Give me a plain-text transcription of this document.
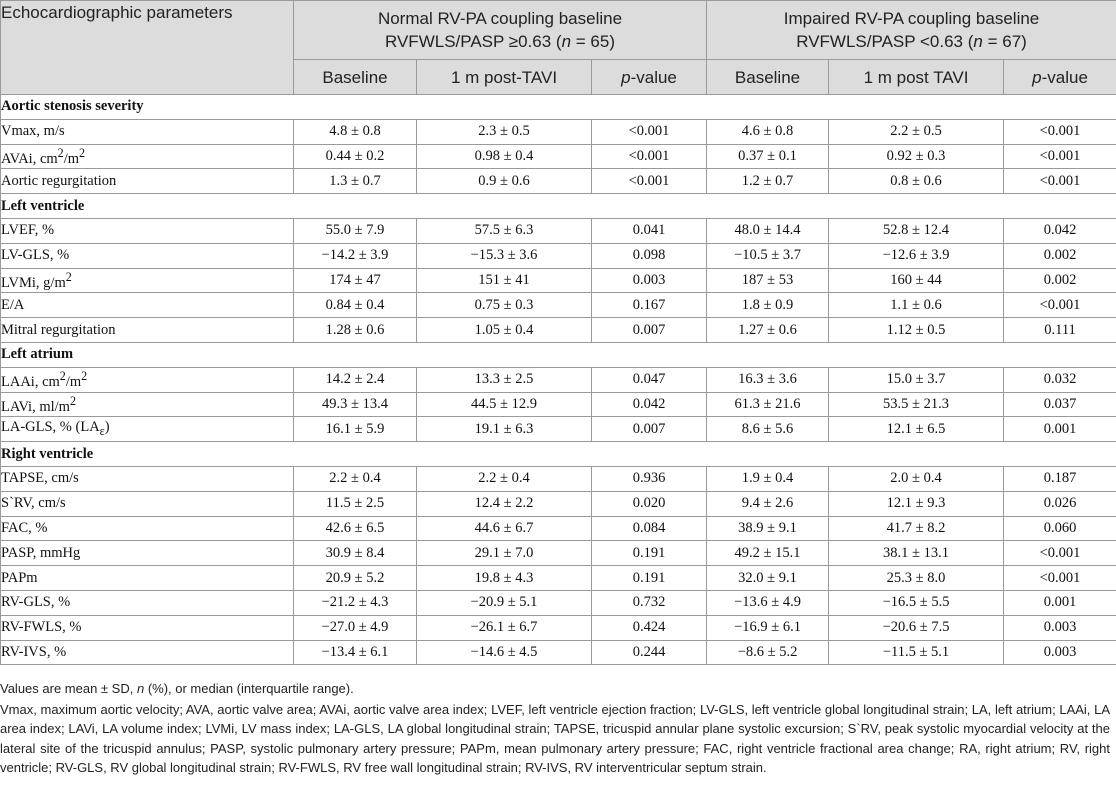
Echocardiographic parameters	Normal RV-PA coupling baseline
RVFWLS/PASP ≥0.63 (n = 65)			Impaired RV-PA coupling baseline
RVFWLS/PASP <0.63 (n = 67)		
	Baseline	1 m post-TAVI	p-value	Baseline	1 m post TAVI	p-value
Aortic stenosis severity						
Vmax, m/s	4.8 ± 0.8	2.3 ± 0.5	<0.001	4.6 ± 0.8	2.2 ± 0.5	<0.001
AVAi, $cm^2/m^2$	0.44 ± 0.2	0.98 ± 0.4	<0.001	0.37 ± 0.1	0.92 ± 0.3	<0.001
Aortic regurgitation	1.3 ± 0.7	0.9 ± 0.6	<0.001	1.2 ± 0.7	0.8 ± 0.6	<0.001
Left ventricle						
LVEF, %	55.0 ± 7.9	57.5 ± 6.3	0.041	48.0 ± 14.4	52.8 ± 12.4	0.042
LV-GLS, %	−14.2 ± 3.9	−15.3 ± 3.6	0.098	−10.5 ± 3.7	−12.6 ± 3.9	0.002
LVMi, $g/m^2$	174 ± 47	151 ± 41	0.003	187 ± 53	160 ± 44	0.002
E/A	0.84 ± 0.4	0.75 ± 0.3	0.167	1.8 ± 0.9	1.1 ± 0.6	<0.001
Mitral regurgitation	1.28 ± 0.6	1.05 ± 0.4	0.007	1.27 ± 0.6	1.12 ± 0.5	0.111
Left atrium						
LAAi, $cm^2/m^2$	14.2 ± 2.4	13.3 ± 2.5	0.047	16.3 ± 3.6	15.0 ± 3.7	0.032
LAVi, $ml/m^2$	49.3 ± 13.4	44.5 ± 12.9	0.042	61.3 ± 21.6	53.5 ± 21.3	0.037
LA-GLS, % $(LA_\varepsilon)$	16.1 ± 5.9	19.1 ± 6.3	0.007	8.6 ± 5.6	12.1 ± 6.5	0.001
Right ventricle						
TAPSE, cm/s	2.2 ± 0.4	2.2 ± 0.4	0.936	1.9 ± 0.4	2.0 ± 0.4	0.187
S`RV, cm/s	11.5 ± 2.5	12.4 ± 2.2	0.020	9.4 ± 2.6	12.1 ± 9.3	0.026
FAC, %	42.6 ± 6.5	44.6 ± 6.7	0.084	38.9 ± 9.1	41.7 ± 8.2	0.060
PASP, mmHg	30.9 ± 8.4	29.1 ± 7.0	0.191	49.2 ± 15.1	38.1 ± 13.1	<0.001
PAPm	20.9 ± 5.2	19.8 ± 4.3	0.191	32.0 ± 9.1	25.3 ± 8.0	<0.001
RV-GLS, %	−21.2 ± 4.3	−20.9 ± 5.1	0.732	−13.6 ± 4.9	−16.5 ± 5.5	0.001
RV-FWLS, %	−27.0 ± 4.9	−26.1 ± 6.7	0.424	−16.9 ± 6.1	−20.6 ± 7.5	0.003
RV-IVS, %	−13.4 ± 6.1	−14.6 ± 4.5	0.244	−8.6 ± 5.2	−11.5 ± 5.1	0.003

Values are mean ± SD, n (%), or median (interquartile range).

Vmax, maximum aortic velocity; AVA, aortic valve area; AVAi, aortic valve area index; LVEF, left ventricle ejection fraction; LV-GLS, left ventricle global longitudinal strain; LA, left atrium; LAAi, LA area index; LAVi, LA volume index; LVMi, LV mass index; LA-GLS, LA global longitudinal strain; TAPSE, tricuspid annular plane systolic excursion; S`RV, peak systolic myocardial velocity at the lateral site of the tricuspid annulus; PASP, systolic pulmonary artery pressure; PAPm, mean pulmonary artery pressure; FAC, right ventricle fractional area change; RA, right atrium; RV, right ventricle; RV-GLS, RV global longitudinal strain; RV-FWLS, RV free wall longitudinal strain; RV-IVS, RV interventricular septum strain.
